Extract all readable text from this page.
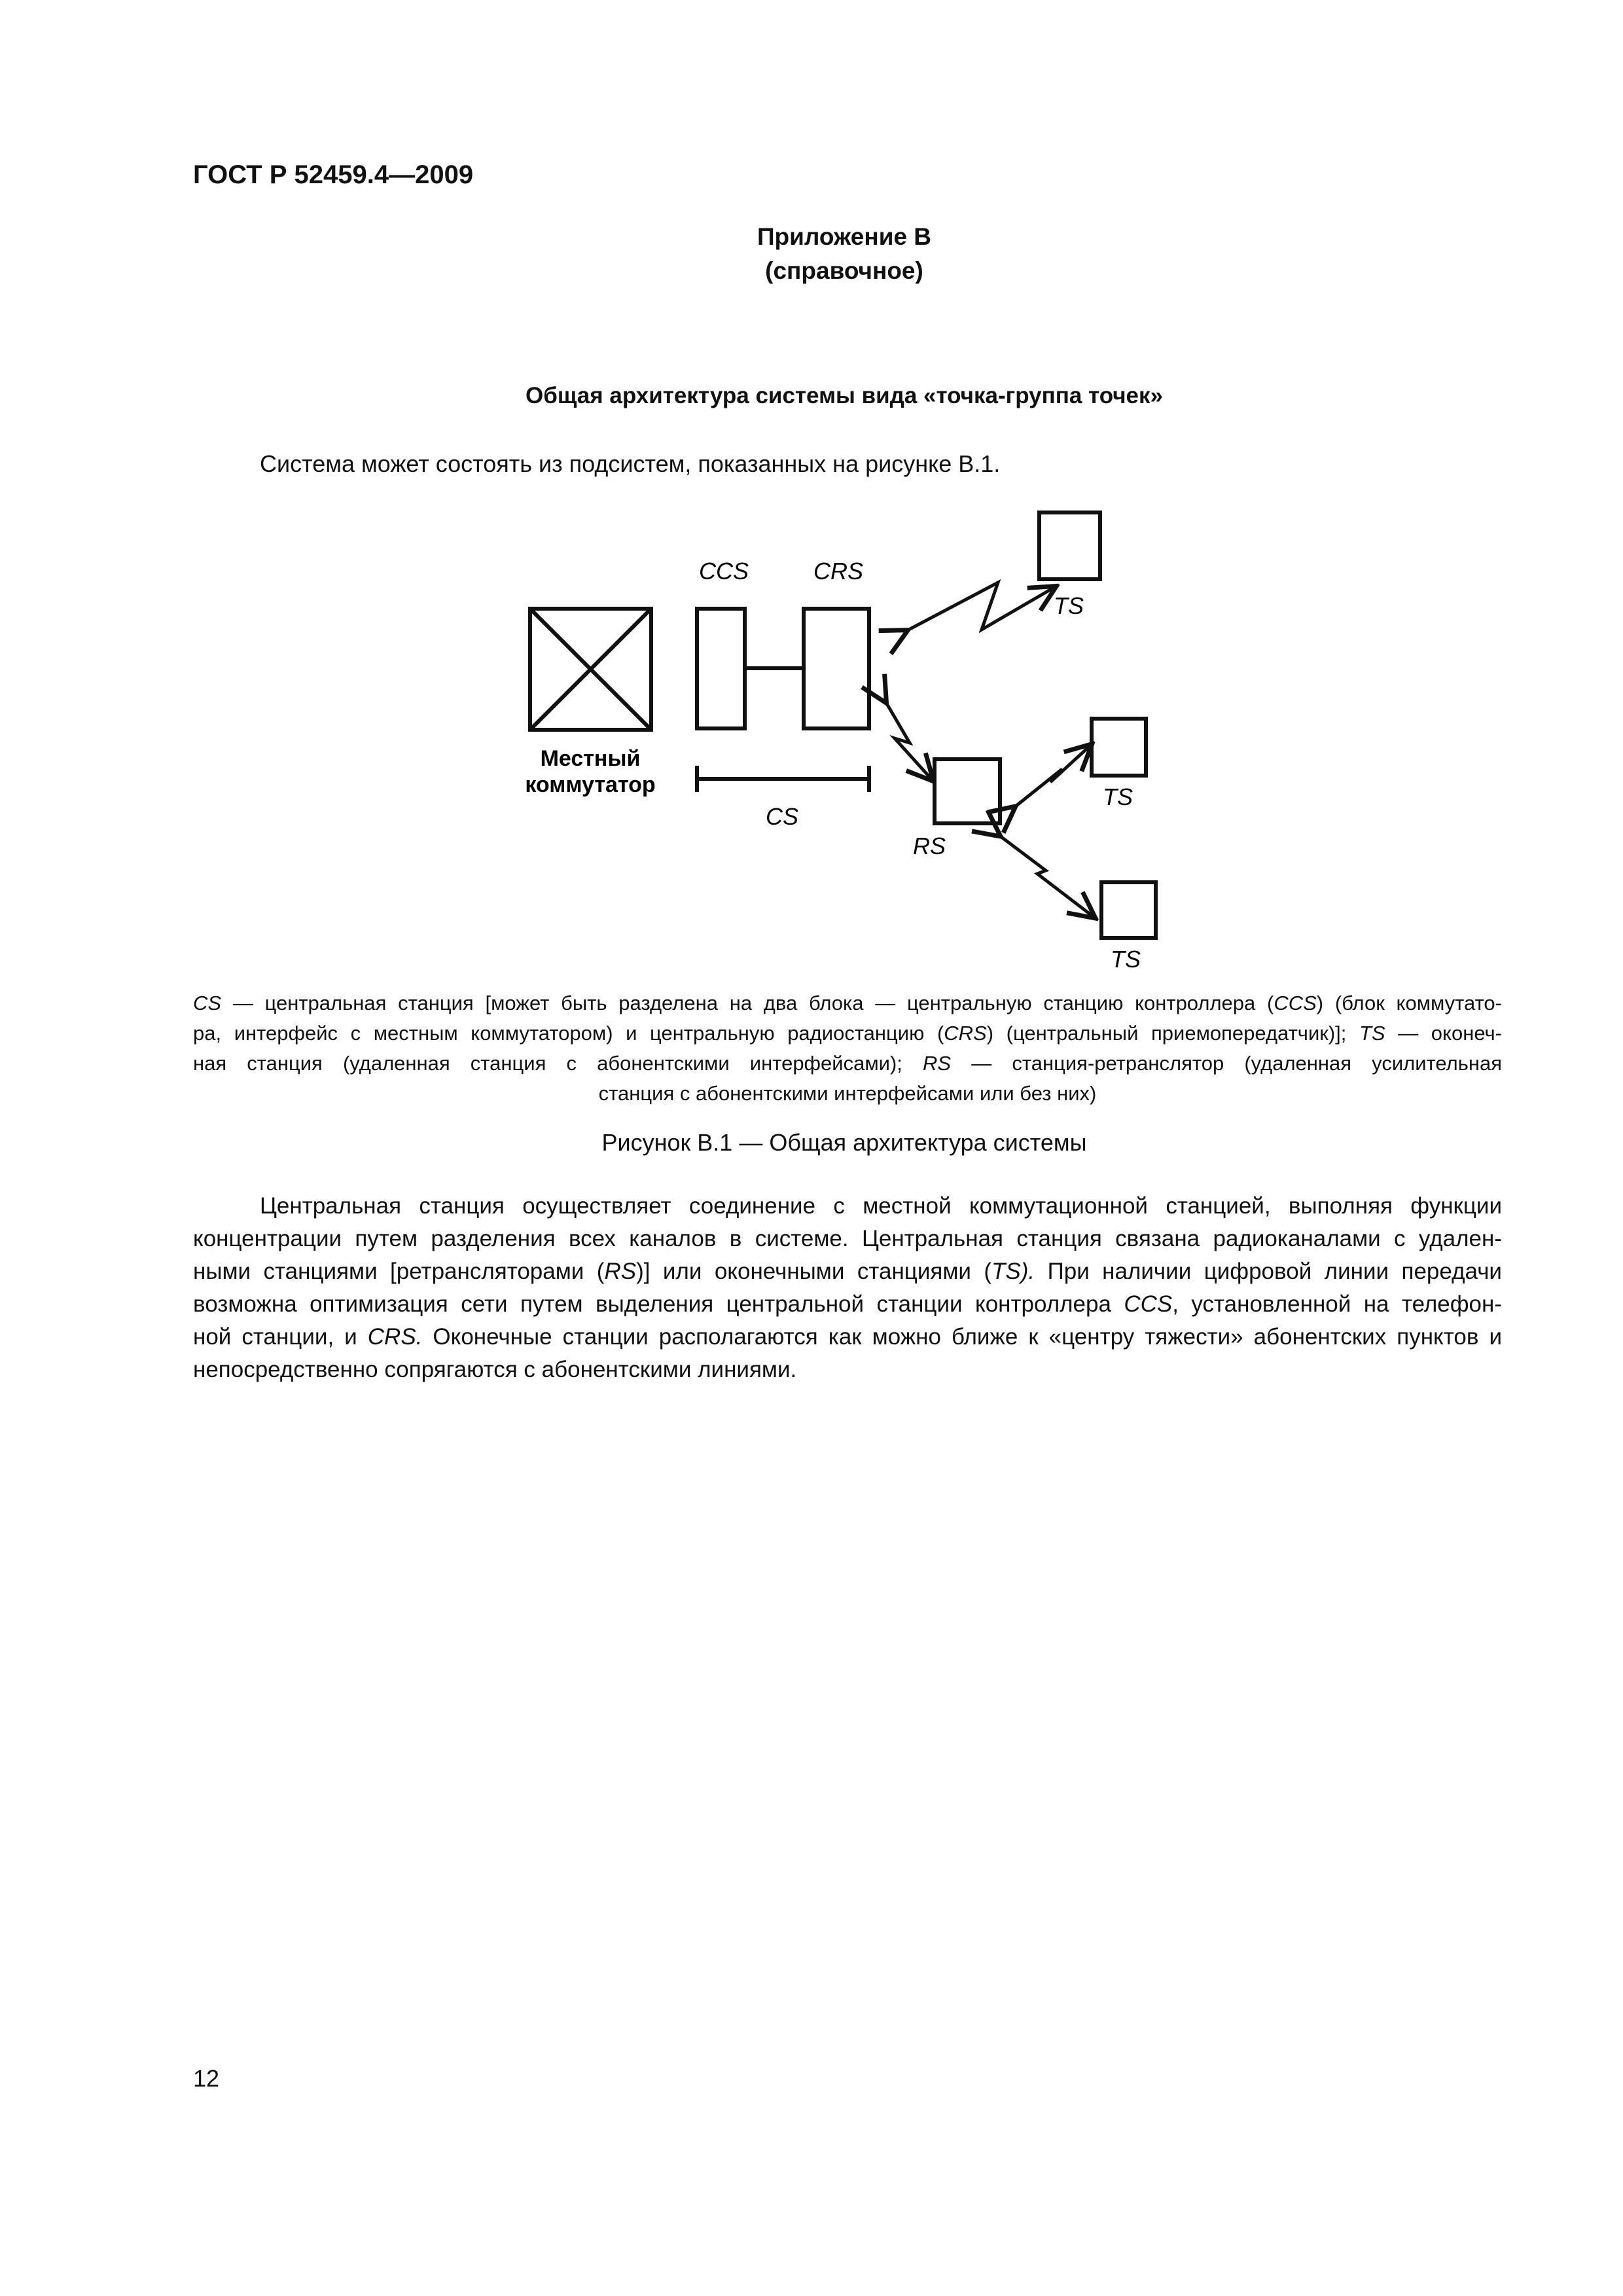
ГОСТ Р 52459.4—2009
Приложение В
(справочное)
Общая архитектура системы вида «точка-группа точек»
Система может состоять из подсистем, показанных на рисунке В.1.
CCS	CRS
CS
RS
TS
TS
TS
Местный
коммутатор
CS — центральная станция [может быть разделена на два блока — центральную станцию контроллера (CCS) (блок коммутато-
ра, интерфейс с местным коммутатором) и центральную радиостанцию (CRS) (центральный приемопередатчик)]; TS — оконеч-
ная станция (удаленная станция с абонентскими интерфейсами); RS — станция-ретранслятор (удаленная усилительная
станция с абонентскими интерфейсами или без них)
Рисунок В.1 — Общая архитектура системы
Центральная станция осуществляет соединение с местной коммутационной станцией, выполняя функции
концентрации путем разделения всех каналов в системе. Центральная станция связана радиоканалами с удален-
ными станциями [ретрансляторами (RS)] или оконечными станциями (TS). При наличии цифровой линии передачи
возможна оптимизация сети путем выделения центральной станции контроллера CCS, установленной на телефон-
ной станции, и CRS. Оконечные станции располагаются как можно ближе к «центру тяжести» абонентских пунктов и
непосредственно сопрягаются с абонентскими линиями.
12
